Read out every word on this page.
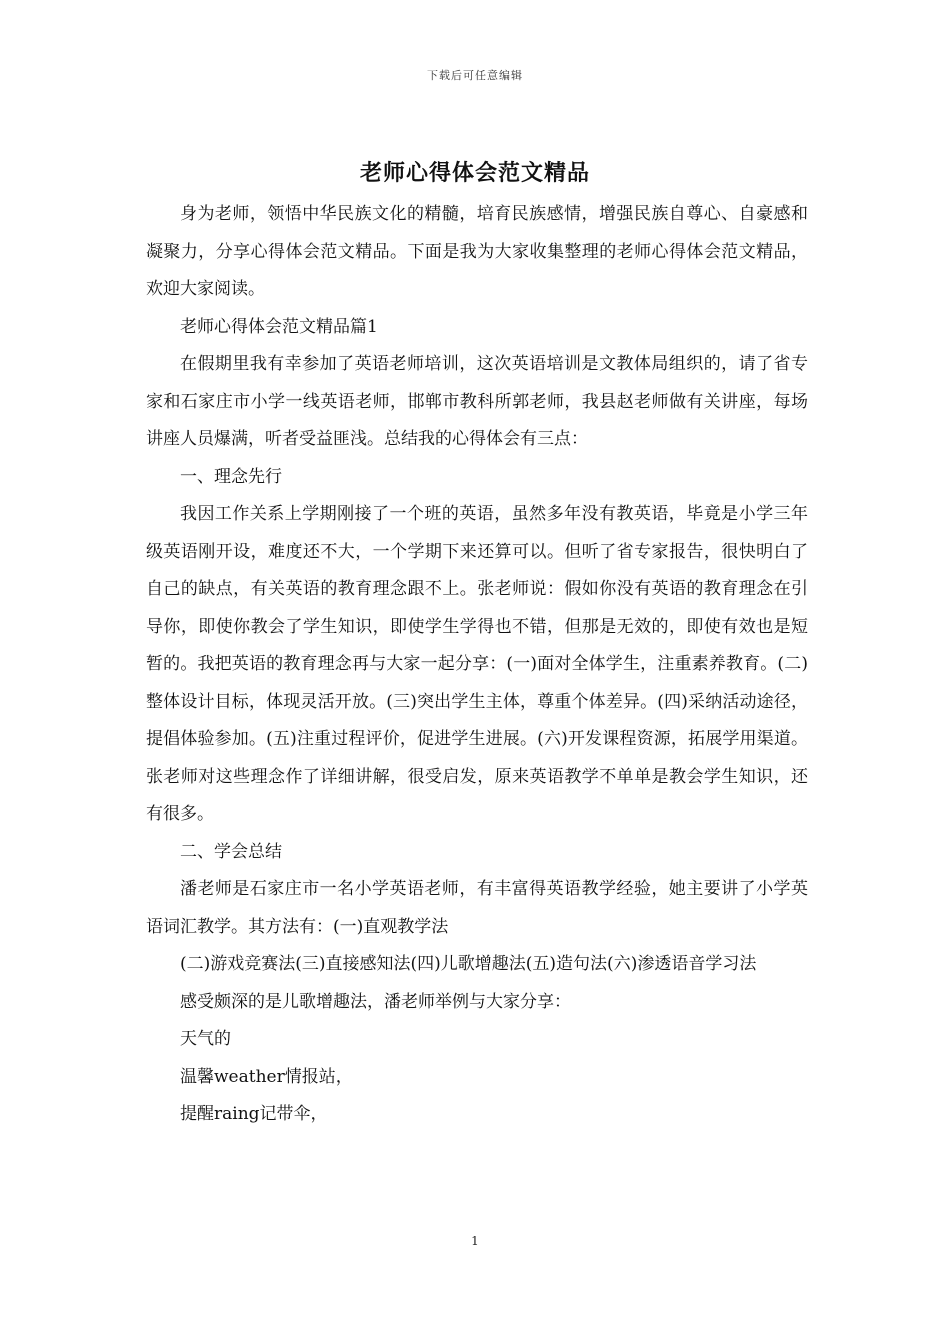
下载后可任意编辑
老师心得体会范文精品

身为老师，领悟中华民族文化的精髓，培育民族感情，增强民族自尊心、自豪感和凝聚力，分享心得体会范文精品。下面是我为大家收集整理的老师心得体会范文精品，欢迎大家阅读。

老师心得体会范文精品篇1

在假期里我有幸参加了英语老师培训，这次英语培训是文教体局组织的，请了省专家和石家庄市小学一线英语老师，邯郸市教科所郭老师，我县赵老师做有关讲座，每场讲座人员爆满，听者受益匪浅。总结我的心得体会有三点：

一、理念先行

我因工作关系上学期刚接了一个班的英语，虽然多年没有教英语，毕竟是小学三年级英语刚开设，难度还不大，一个学期下来还算可以。但听了省专家报告，很快明白了自己的缺点，有关英语的教育理念跟不上。张老师说：假如你没有英语的教育理念在引导你，即使你教会了学生知识，即使学生学得也不错，但那是无效的，即使有效也是短暂的。我把英语的教育理念再与大家一起分享：(一)面对全体学生，注重素养教育。(二)整体设计目标，体现灵活开放。(三)突出学生主体，尊重个体差异。(四)采纳活动途径，提倡体验参加。(五)注重过程评价，促进学生进展。(六)开发课程资源，拓展学用渠道。张老师对这些理念作了详细讲解，很受启发，原来英语教学不单单是教会学生知识，还有很多。

二、学会总结

潘老师是石家庄市一名小学英语老师，有丰富得英语教学经验，她主要讲了小学英语词汇教学。其方法有：(一)直观教学法

(二)游戏竞赛法(三)直接感知法(四)儿歌增趣法(五)造句法(六)渗透语音学习法

感受颇深的是儿歌增趣法，潘老师举例与大家分享：

天气的

温馨weather情报站，

提醒raing记带伞，

1
